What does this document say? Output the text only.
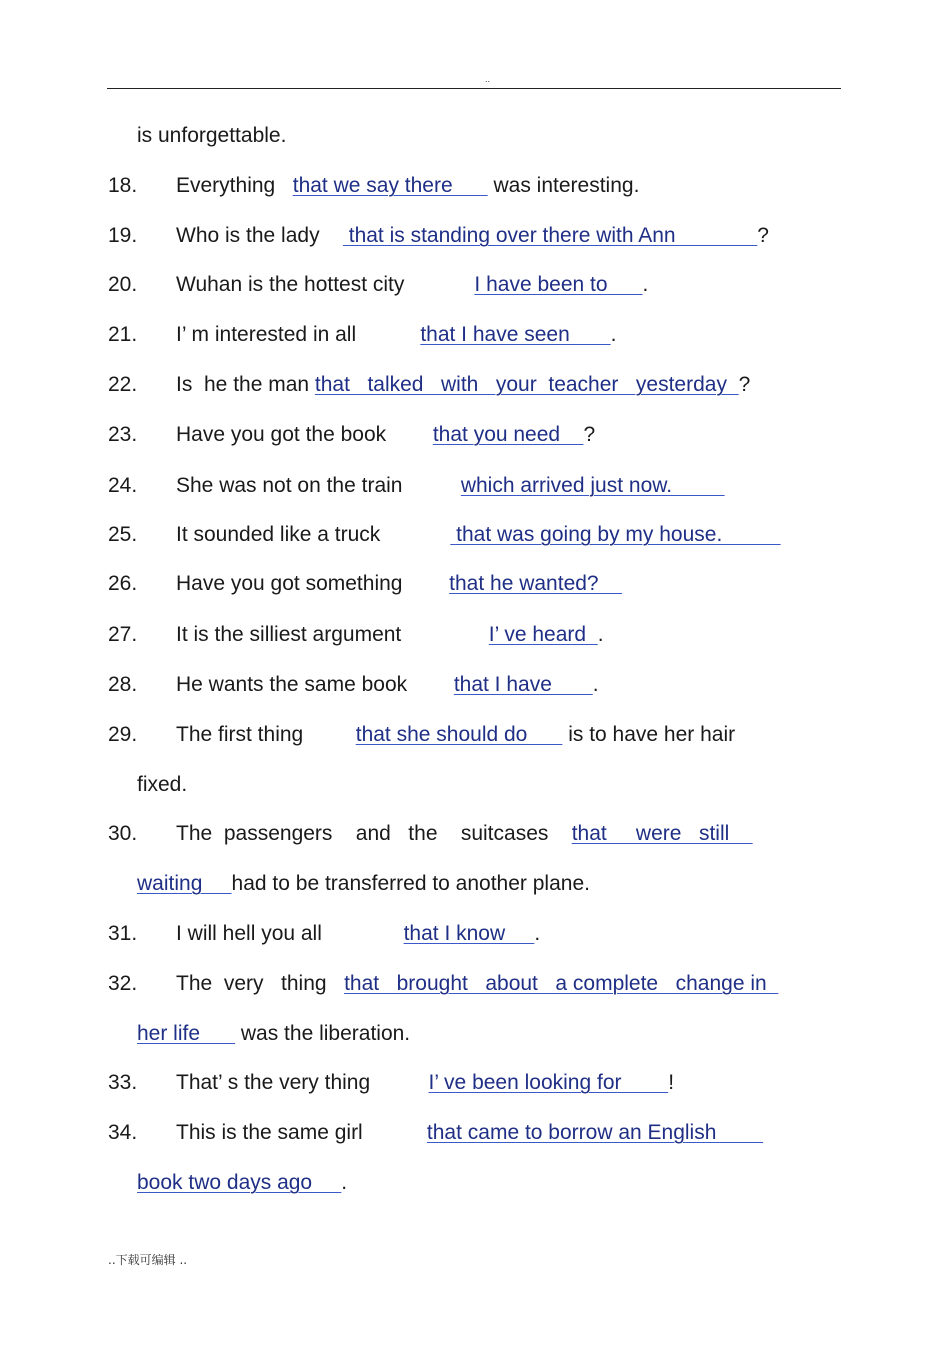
..
is unforgettable.
18. Everything   that we say there       was interesting.
19. Who is the lady     that is standing over there with Ann              ?
20. Wuhan is the hottest city            I have been to      .
21. I’ m interested in all           that I have seen       .
22. Is  he the man that   talked   with   your  teacher   yesterday  ?
23. Have you got the book        that you need    ?
24. She was not on the train          which arrived just now.
25. It sounded like a truck             that was going by my house.
26. Have you got something        that he wanted?
27. It is the silliest argument               I’ ve heard  .
28. He wants the same book        that I have       .
29. The first thing         that she should do       is to have her hair
fixed.
30. The  passengers    and   the    suitcases    that     were   still
waiting     had to be transferred to another plane.
31. I will hell you all              that I know     .
32. The  very   thing   that   brought   about   a complete   change in
her life       was the liberation.
33. That’ s the very thing          I’ ve been looking for        !
34. This is the same girl           that came to borrow an English
book two days ago     .
..下载可编辑 ..
